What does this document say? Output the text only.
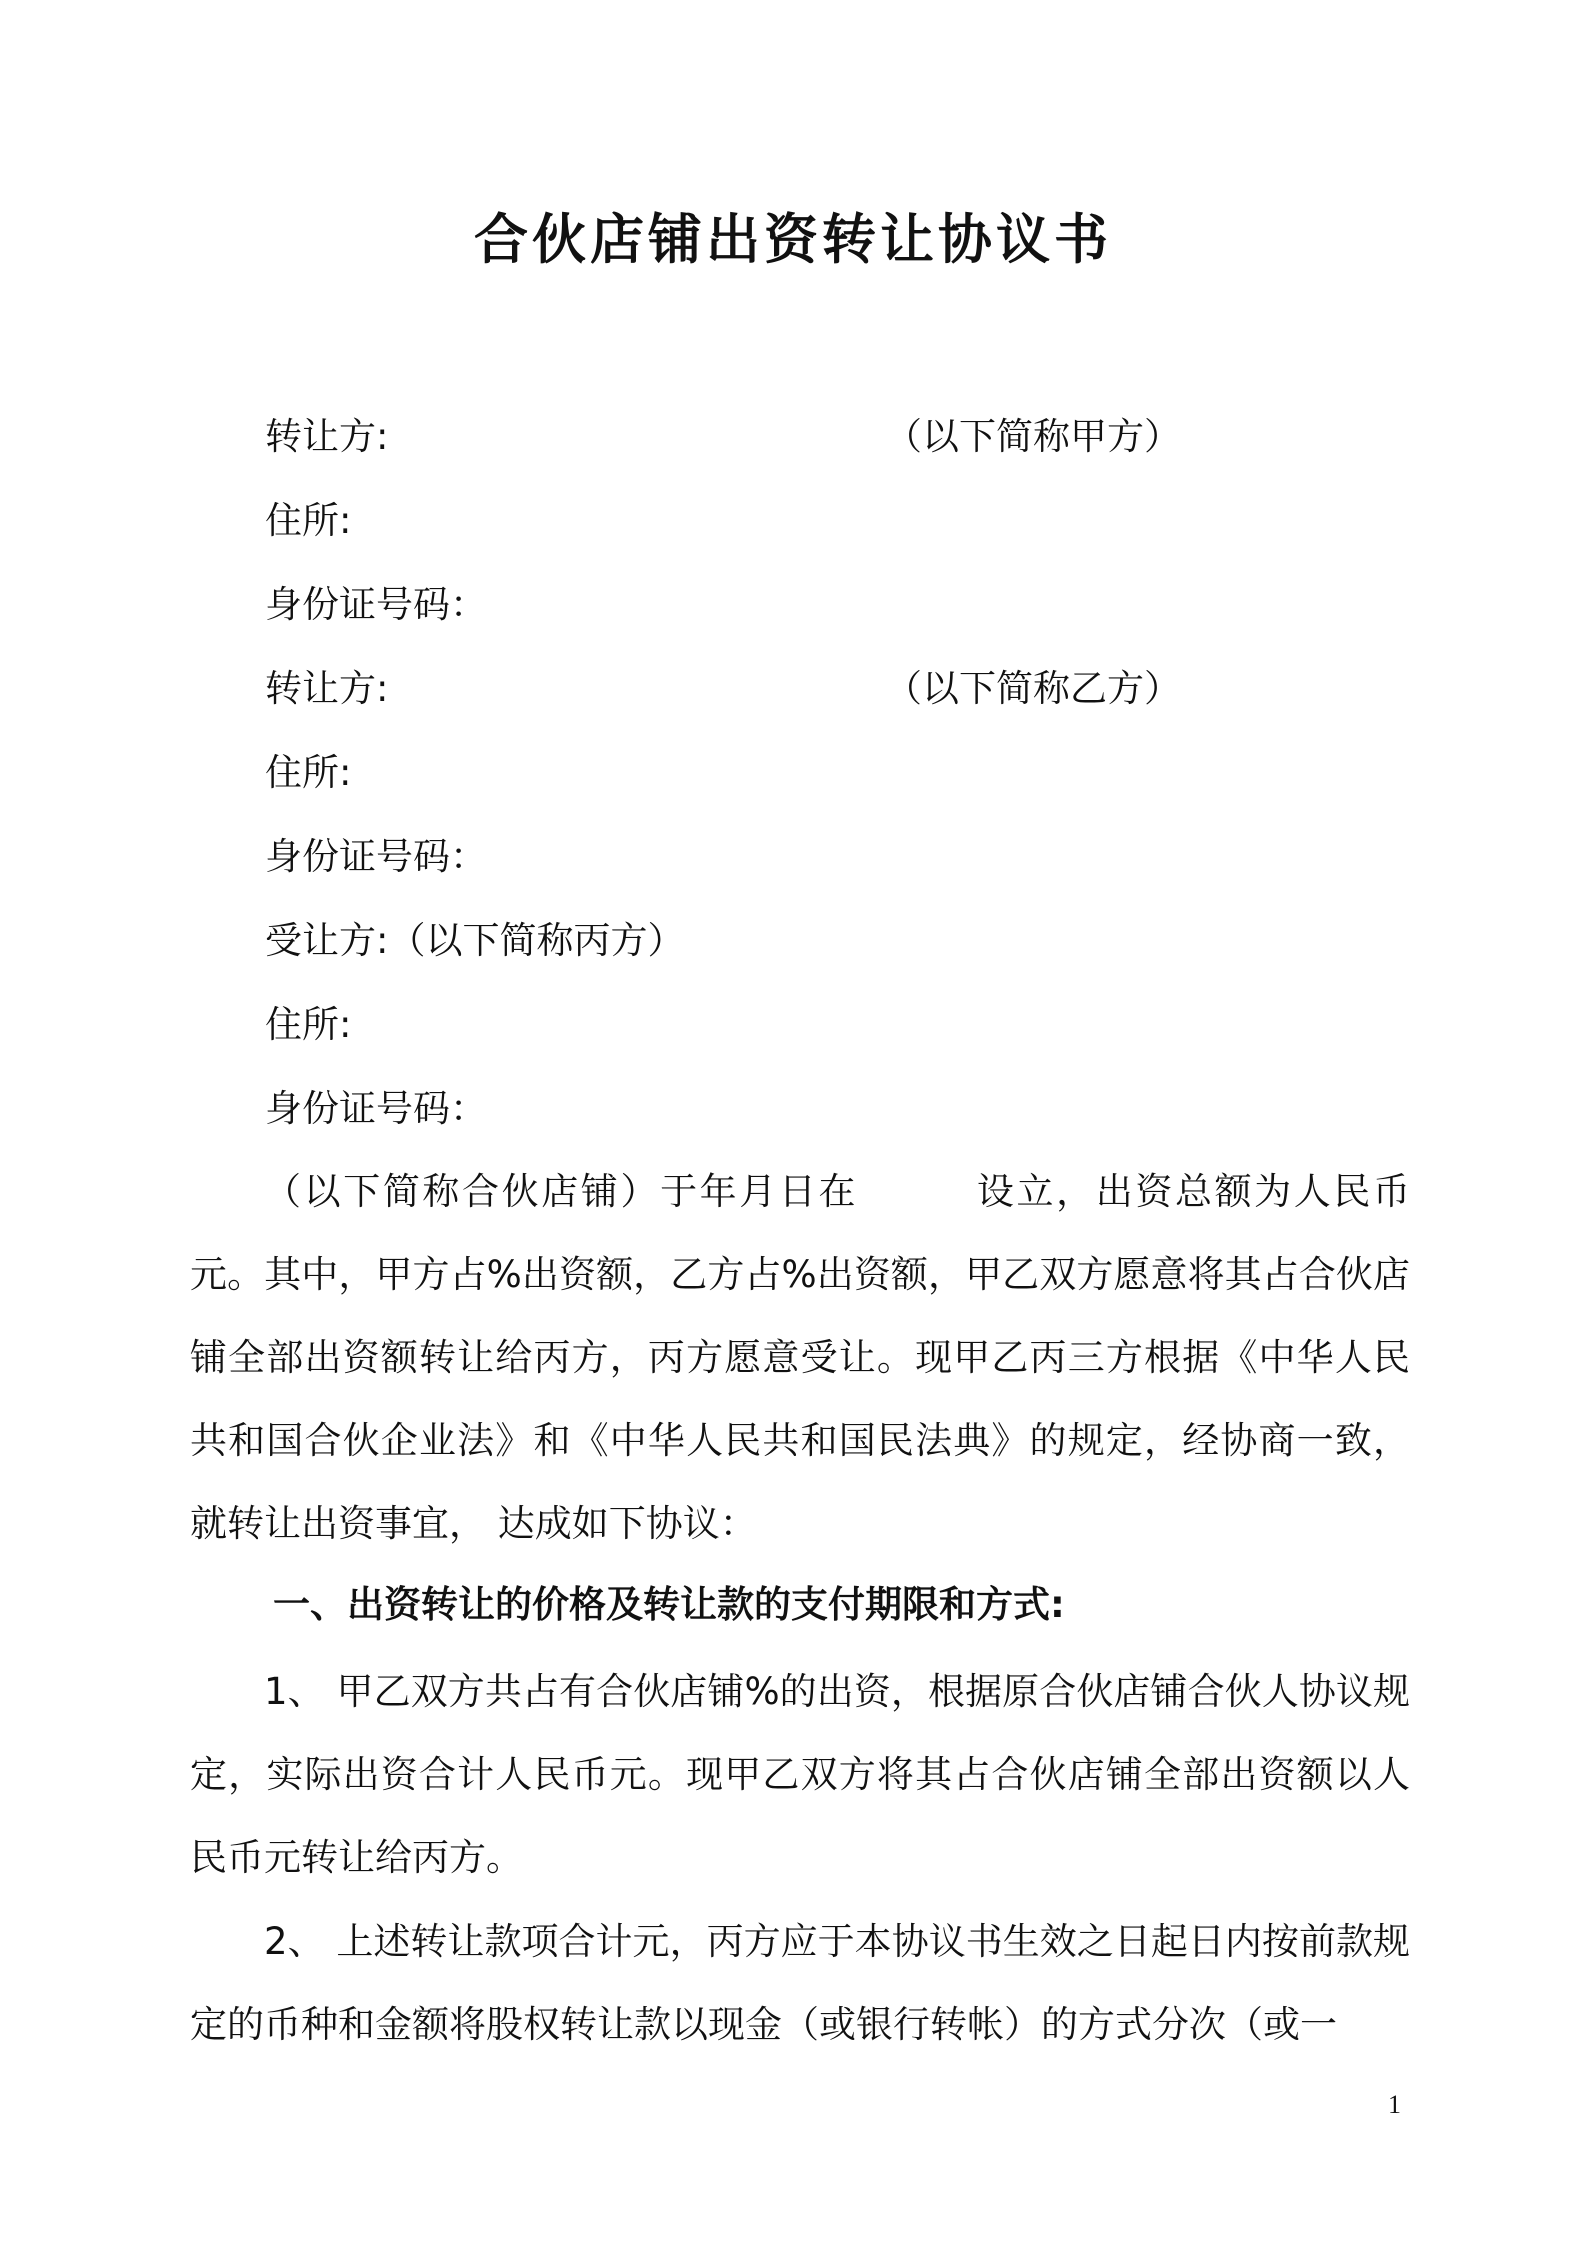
合伙店铺出资转让协议书
转让方:	（以下简称甲方）
住所:
身份证号码：
转让方:	（以下简称乙方）
住所:
身份证号码：
受让方:（以下简称丙方）
住所:
身份证号码：

（以下简称合伙店铺）于年月日在　　　设立，出资总额为人民币元。其中，甲方占%出资额，乙方占%出资额，甲乙双方愿意将其占合伙店铺全部出资额转让给丙方，丙方愿意受让。现甲乙丙三方根据《中华人民共和国合伙企业法》和《中华人民共和国民法典》的规定，经协商一致，就转让出资事宜， 达成如下协议：

一、出资转让的价格及转让款的支付期限和方式:

1、 甲乙双方共占有合伙店铺%的出资，根据原合伙店铺合伙人协议规定，实际出资合计人民币元。现甲乙双方将其占合伙店铺全部出资额以人民币元转让给丙方。

2、 上述转让款项合计元，丙方应于本协议书生效之日起日内按前款规定的币种和金额将股权转让款以现金（或银行转帐）的方式分次（或一

1
